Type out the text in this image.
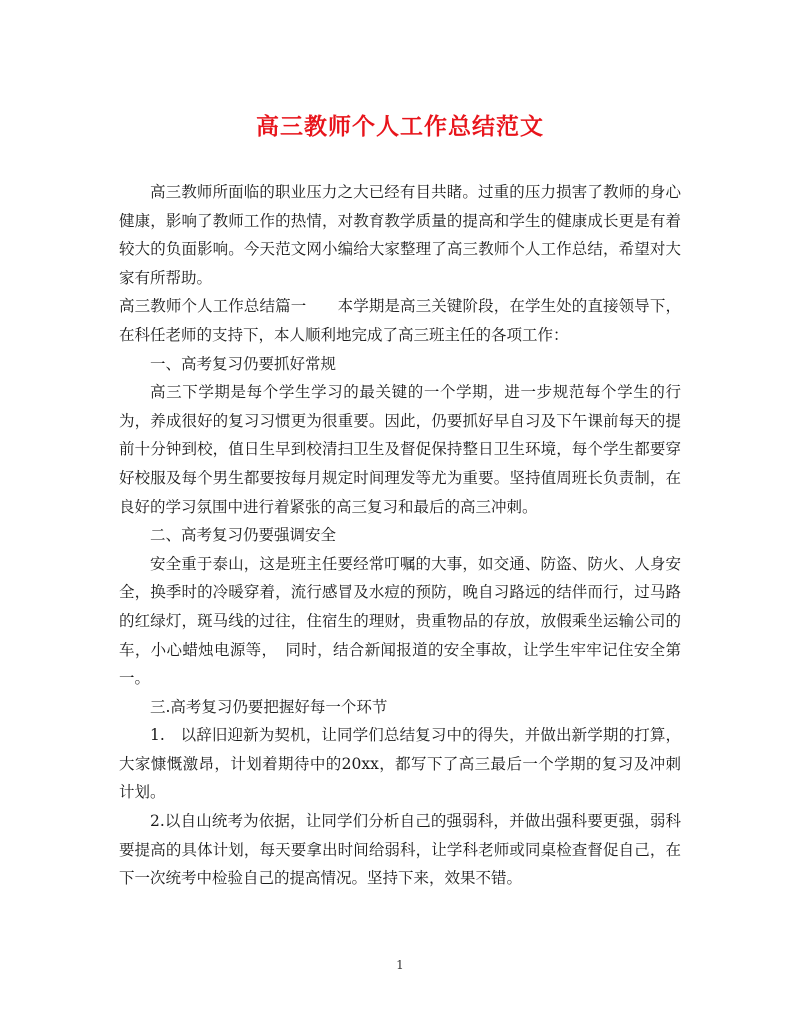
高三教师个人工作总结范文

高三教师所面临的职业压力之大已经有目共睹。过重的压力损害了教师的身心健康，影响了教师工作的热情，对教育教学质量的提高和学生的健康成长更是有着较大的负面影响。今天范文网小编给大家整理了高三教师个人工作总结，希望对大家有所帮助。

高三教师个人工作总结篇一　　本学期是高三关键阶段，在学生处的直接领导下，在科任老师的支持下，本人顺利地完成了高三班主任的各项工作：

一、高考复习仍要抓好常规

高三下学期是每个学生学习的最关键的一个学期，进一步规范每个学生的行为，养成很好的复习习惯更为很重要。因此，仍要抓好早自习及下午课前每天的提前十分钟到校，值日生早到校清扫卫生及督促保持整日卫生环境，每个学生都要穿好校服及每个男生都要按每月规定时间理发等尤为重要。坚持值周班长负责制，在良好的学习氛围中进行着紧张的高三复习和最后的高三冲刺。

二、高考复习仍要强调安全

安全重于泰山，这是班主任要经常叮嘱的大事，如交通、防盗、防火、人身安全，换季时的冷暖穿着，流行感冒及水痘的预防，晚自习路远的结伴而行，过马路的红绿灯，斑马线的过往，住宿生的理财，贵重物品的存放，放假乘坐运输公司的车，小心蜡烛电源等，　同时，结合新闻报道的安全事故，让学生牢牢记住安全第一。

三.高考复习仍要把握好每一个环节

1.　以辞旧迎新为契机，让同学们总结复习中的得失，并做出新学期的打算，大家慷慨激昂，计划着期待中的20xx，都写下了高三最后一个学期的复习及冲刺计划。

2.以自山统考为依据，让同学们分析自己的强弱科，并做出强科要更强，弱科要提高的具体计划，每天要拿出时间给弱科，让学科老师或同桌检查督促自己，在下一次统考中检验自己的提高情况。坚持下来，效果不错。

1
